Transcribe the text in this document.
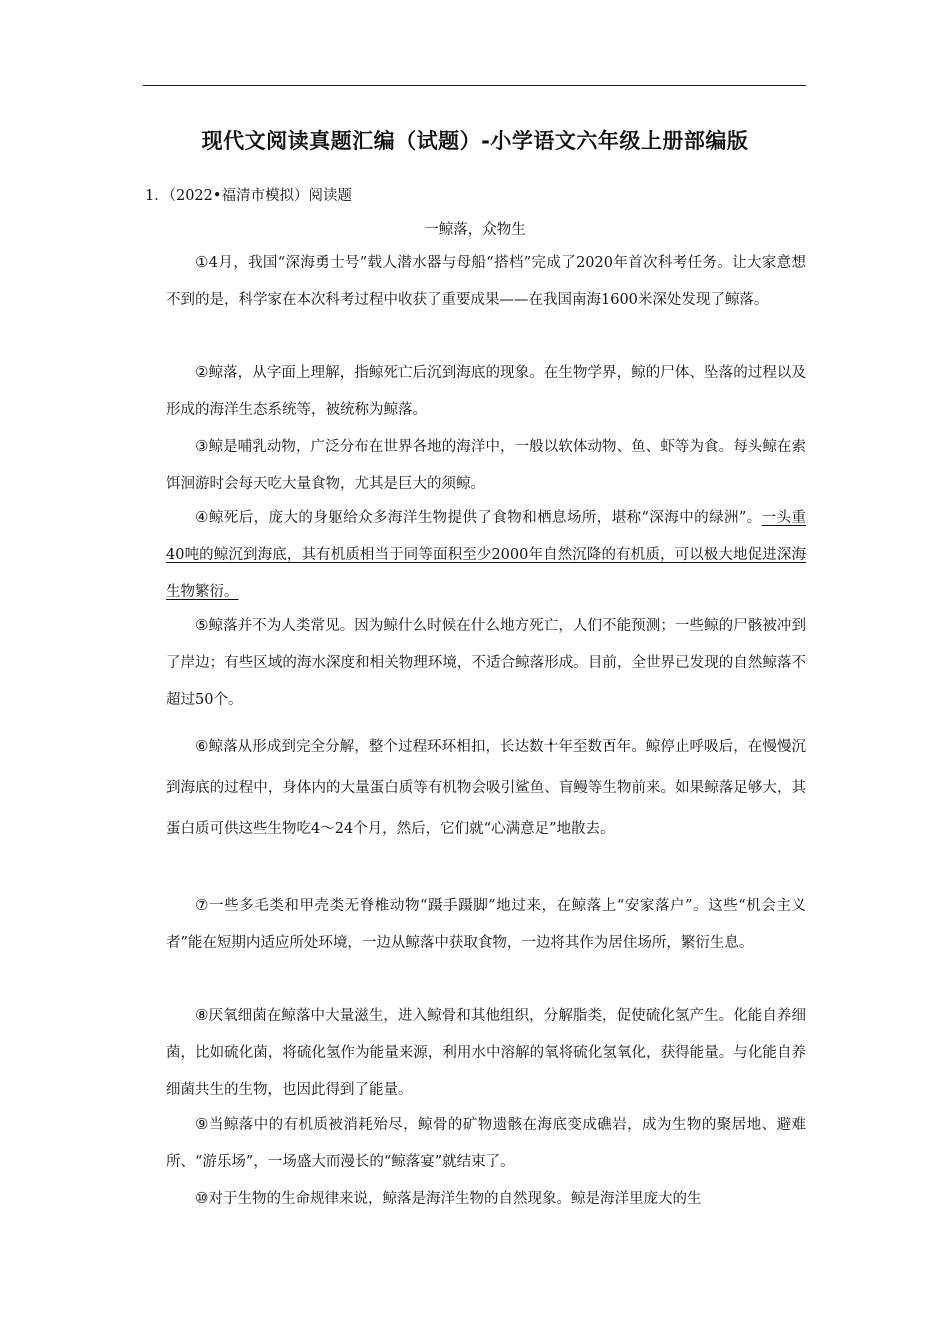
现代文阅读真题汇编（试题）-小学语文六年级上册部编版
1．（2022•福清市模拟）阅读题
一鲸落，众物生
①4月，我国“深海勇士号”载人潜水器与母船“搭档”完成了2020年首次科考任务。让大家意想不到的是，科学家在本次科考过程中收获了重要成果——在我国南海1600米深处发现了鲸落。
②鲸落，从字面上理解，指鲸死亡后沉到海底的现象。在生物学界，鲸的尸体、坠落的过程以及形成的海洋生态系统等，被统称为鲸落。
③鲸是哺乳动物，广泛分布在世界各地的海洋中，一般以软体动物、鱼、虾等为食。每头鲸在索饵洄游时会每天吃大量食物，尤其是巨大的须鲸。
④鲸死后，庞大的身躯给众多海洋生物提供了食物和栖息场所，堪称“深海中的绿洲”。一头重40吨的鲸沉到海底，其有机质相当于同等面积至少2000年自然沉降的有机质，可以极大地促进深海生物繁衍。
⑤鲸落并不为人类常见。因为鲸什么时候在什么地方死亡，人们不能预测；一些鲸的尸骸被冲到了岸边；有些区域的海水深度和相关物理环境，不适合鲸落形成。目前，全世界已发现的自然鲸落不超过50个。
⑥鲸落从形成到完全分解，整个过程环环相扣，长达· 数十年至· 数百年。鲸停止呼吸后，在慢慢沉到海底的过程中，身体内的大量蛋白质等有机物会吸引鲨鱼、盲鳗等生物前来。如果鲸落足够大，其蛋白质可供这些生物吃4～24个月，然后，它们就“心满意足”地散去。
⑦一些多毛类和甲壳类无脊椎动物“蹑手蹑脚”地过来，在鲸落上“安家落户”。这些“机会主义者”能在短期内适应所处环境，一边从鲸落中获取食物，一边将其作为居住场所，繁衍生息。
⑧厌氧细菌在鲸落中大量滋生，进入鲸骨和其他组织，分解脂类，促使硫化氢产生。化能自养细菌，比如硫化菌，将硫化氢作为能量来源，利用水中溶解的氧将硫化氢氧化，获得能量。与化能自养细菌共生的生物，也因此得到了能量。
⑨当鲸落中的有机质被消耗殆尽，鲸骨的矿物遗骸在海底变成礁岩，成为生物的聚居地、避难所、“游乐场”，一场盛大而漫长的“鲸落宴”就结束了。
⑩对于生物的生命规律来说，鲸落是海洋生物的自然现象。鲸是海洋里庞大的生
